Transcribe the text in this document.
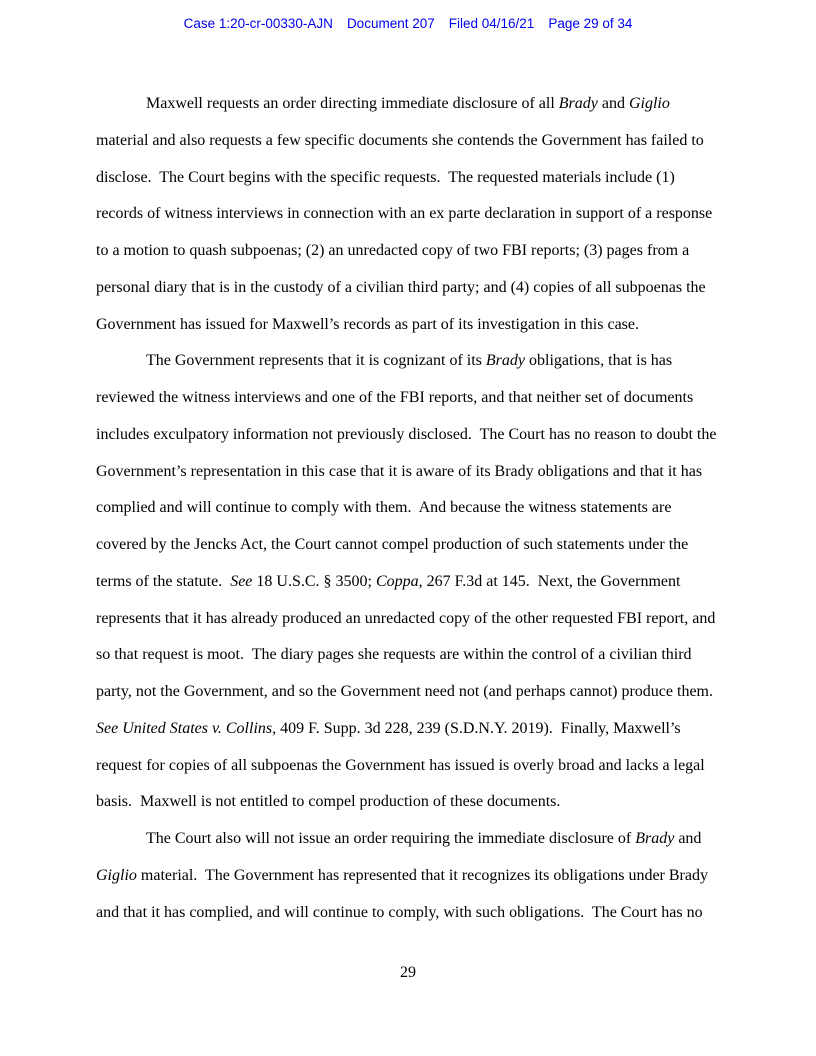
Case 1:20-cr-00330-AJN Document 207 Filed 04/16/21 Page 29 of 34
Maxwell requests an order directing immediate disclosure of all Brady and Giglio
material and also requests a few specific documents she contends the Government has failed to
disclose.  The Court begins with the specific requests.  The requested materials include (1)
records of witness interviews in connection with an ex parte declaration in support of a response
to a motion to quash subpoenas; (2) an unredacted copy of two FBI reports; (3) pages from a
personal diary that is in the custody of a civilian third party; and (4) copies of all subpoenas the
Government has issued for Maxwell’s records as part of its investigation in this case.
The Government represents that it is cognizant of its Brady obligations, that is has
reviewed the witness interviews and one of the FBI reports, and that neither set of documents
includes exculpatory information not previously disclosed.  The Court has no reason to doubt the
Government’s representation in this case that it is aware of its Brady obligations and that it has
complied and will continue to comply with them.  And because the witness statements are
covered by the Jencks Act, the Court cannot compel production of such statements under the
terms of the statute.  See 18 U.S.C. § 3500; Coppa, 267 F.3d at 145.  Next, the Government
represents that it has already produced an unredacted copy of the other requested FBI report, and
so that request is moot.  The diary pages she requests are within the control of a civilian third
party, not the Government, and so the Government need not (and perhaps cannot) produce them.
See United States v. Collins, 409 F. Supp. 3d 228, 239 (S.D.N.Y. 2019).  Finally, Maxwell’s
request for copies of all subpoenas the Government has issued is overly broad and lacks a legal
basis.  Maxwell is not entitled to compel production of these documents.
The Court also will not issue an order requiring the immediate disclosure of Brady and
Giglio material.  The Government has represented that it recognizes its obligations under Brady
and that it has complied, and will continue to comply, with such obligations.  The Court has no
29
